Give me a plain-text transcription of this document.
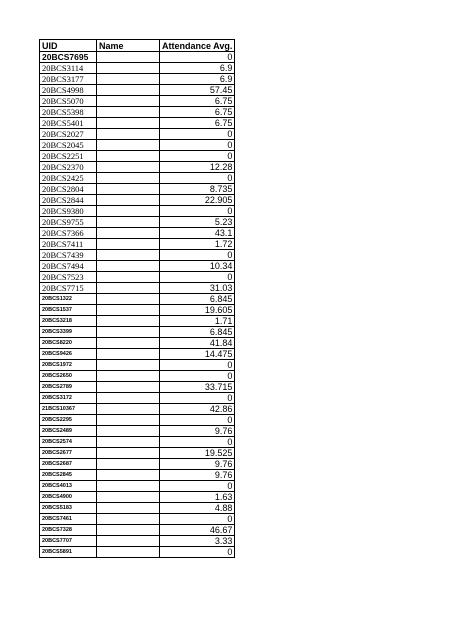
UID	Name	Attendance Avg.
20BCS7695		0
20BCS3114		6.9
20BCS3177		6.9
20BCS4998		57.45
20BCS5070		6.75
20BCS5398		6.75
20BCS5401		6.75
20BCS2027		0
20BCS2045		0
20BCS2251		0
20BCS2370		12.28
20BCS2425		0
20BCS2804		8.735
20BCS2844		22.905
20BCS9380		0
20BCS9755		5.23
20BCS7366		43.1
20BCS7411		1.72
20BCS7439		0
20BCS7494		10.34
20BCS7523		0
20BCS7715		31.03
20BCS1322		6.845
20BCS1537		19.605
20BCS3218		1.71
20BCS3399		6.845
20BCS8220		41.84
20BCS9426		14.475
20BCS1972		0
20BCS2650		0
20BCS2789		33.715
20BCS3172		0
21BCS10367		42.86
20BCS2295		0
20BCS2489		9.76
20BCS2574		0
20BCS2677		19.525
20BCS2687		9.76
20BCS2845		9.76
20BCS4013		0
20BCS4900		1.63
20BCS5183		4.88
20BCS7461		0
20BCS7328		46.67
20BCS7707		3.33
20BCS5891		0
